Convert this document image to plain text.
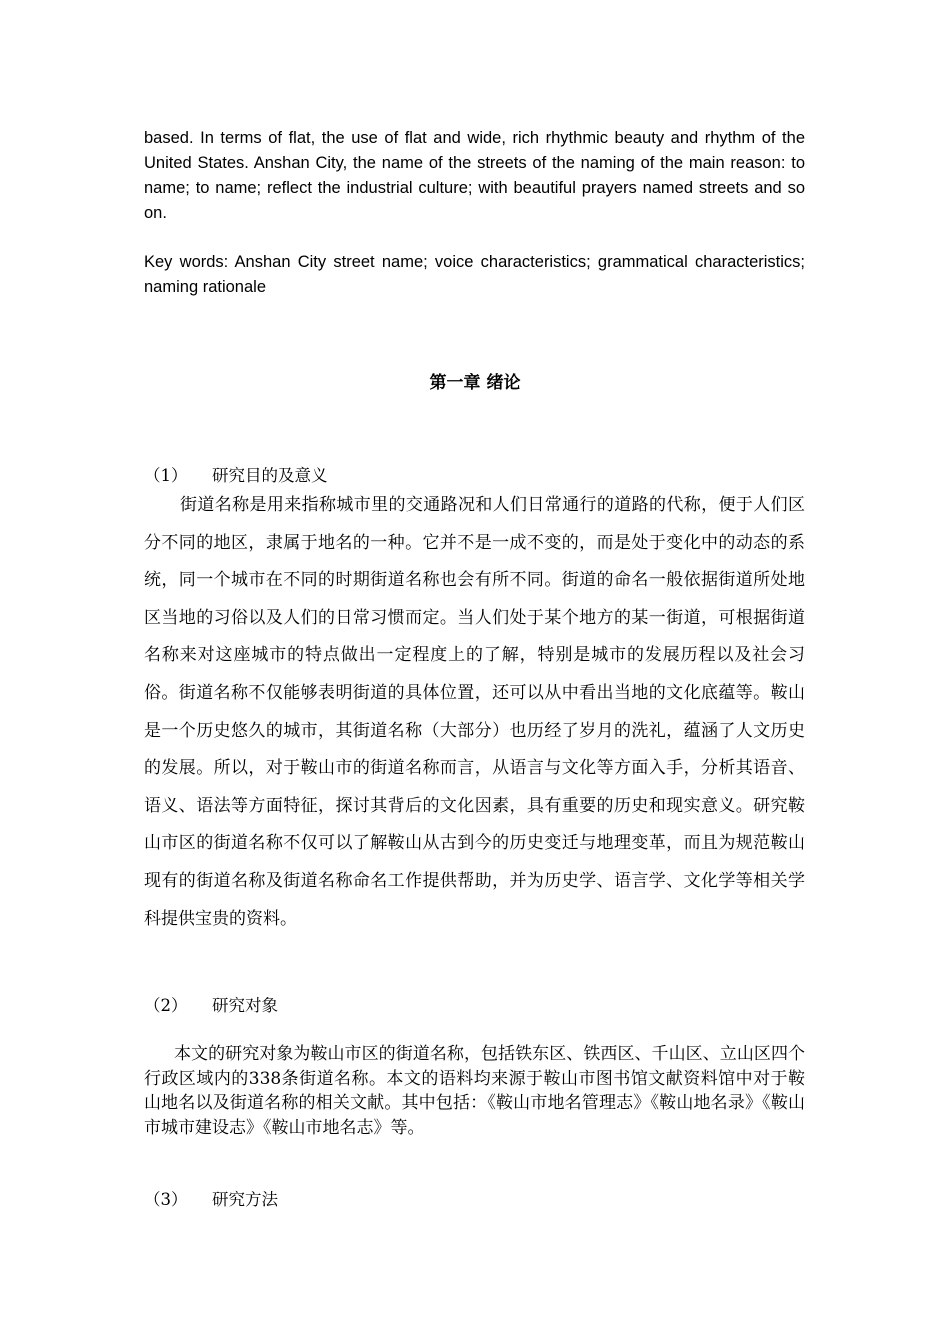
based. In terms of flat, the use of flat and wide, rich rhythmic beauty and rhythm of the United States. Anshan City, the name of the streets of the naming of the main reason: to name; to name; reflect the industrial culture; with beautiful prayers named streets and so on.

Key words: Anshan City street name; voice characteristics; grammatical characteristics; naming rationale

第一章 绪论
（1） 研究目的及意义

街道名称是用来指称城市里的交通路况和人们日常通行的道路的代称，便于人们区分不同的地区，隶属于地名的一种。它并不是一成不变的，而是处于变化中的动态的系统，同一个城市在不同的时期街道名称也会有所不同。街道的命名一般依据街道所处地区当地的习俗以及人们的日常习惯而定。当人们处于某个地方的某一街道，可根据街道名称来对这座城市的特点做出一定程度上的了解，特别是城市的发展历程以及社会习俗。街道名称不仅能够表明街道的具体位置，还可以从中看出当地的文化底蕴等。鞍山是一个历史悠久的城市，其街道名称（大部分）也历经了岁月的洗礼，蕴涵了人文历史的发展。所以，对于鞍山市的街道名称而言，从语言与文化等方面入手，分析其语音、语义、语法等方面特征，探讨其背后的文化因素，具有重要的历史和现实意义。研究鞍山市区的街道名称不仅可以了解鞍山从古到今的历史变迁与地理变革，而且为规范鞍山现有的街道名称及街道名称命名工作提供帮助，并为历史学、语言学、文化学等相关学科提供宝贵的资料。

（2） 研究对象

本文的研究对象为鞍山市区的街道名称，包括铁东区、铁西区、千山区、立山区四个行政区域内的338条街道名称。本文的语料均来源于鞍山市图书馆文献资料馆中对于鞍山地名以及街道名称的相关文献。其中包括：《鞍山市地名管理志》《鞍山地名录》《鞍山市城市建设志》《鞍山市地名志》等。

（3） 研究方法
